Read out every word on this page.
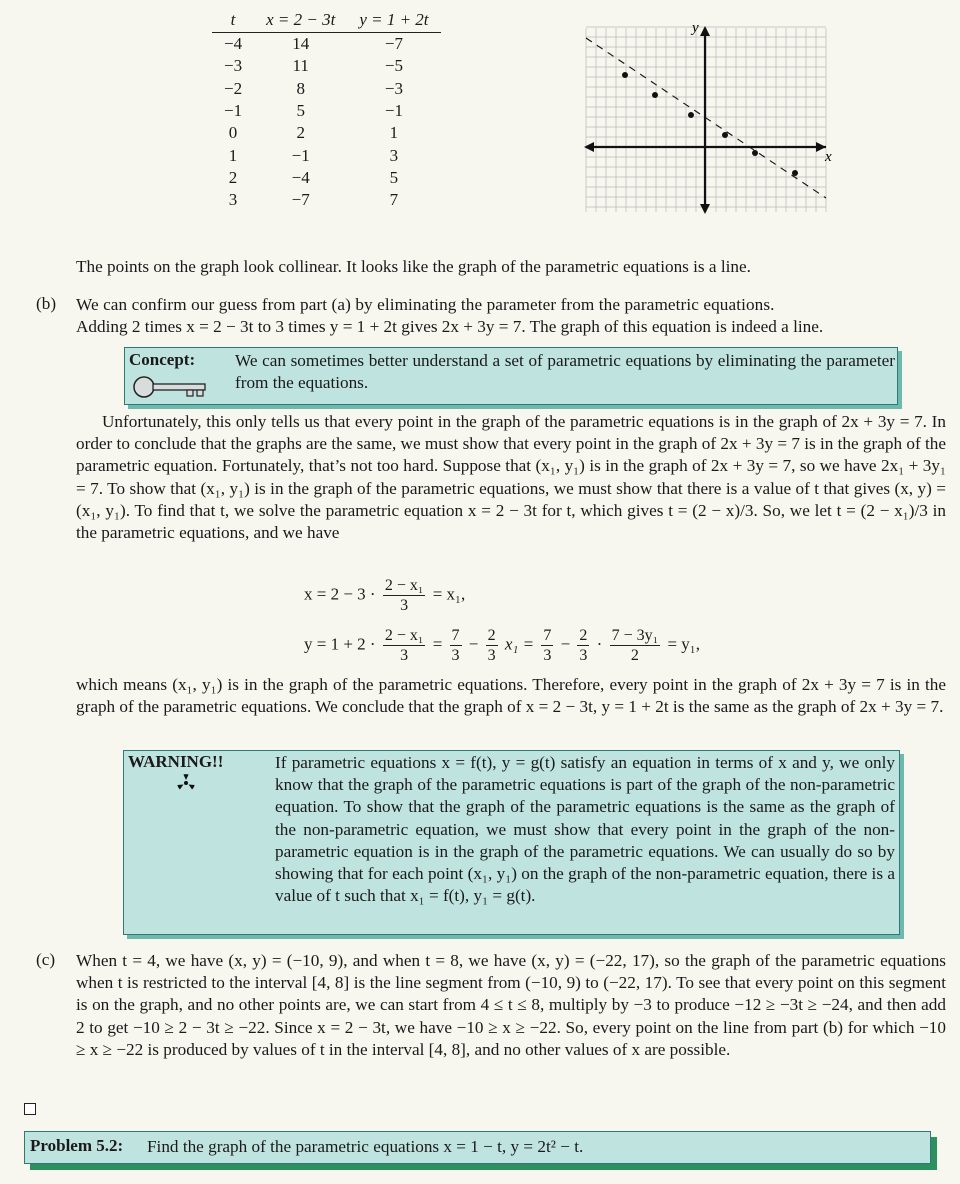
t	x = 2 − 3t	y = 1 + 2t
−4	14	−7
−3	11	−5
−2	8	−3
−1	5	−1
0	2	1
1	−1	3
2	−4	5
3	−7	7
x
y
The points on the graph look collinear. It looks like the graph of the parametric equations is a line.
(b) We can confirm our guess from part (a) by eliminating the parameter from the parametric equations.
Adding 2 times x = 2 − 3t to 3 times y = 1 + 2t gives 2x + 3y = 7. The graph of this equation is indeed a line.
Concept: We can sometimes better understand a set of parametric equations by eliminating the parameter from the equations.
Unfortunately, this only tells us that every point in the graph of the parametric equations is in the graph of 2x + 3y = 7. In order to conclude that the graphs are the same, we must show that every point in the graph of 2x + 3y = 7 is in the graph of the parametric equation. Fortunately, that’s not too hard. Suppose that (x₁, y₁) is in the graph of 2x + 3y = 7, so we have 2x₁ + 3y₁ = 7. To show that (x₁, y₁) is in the graph of the parametric equations, we must show that there is a value of t that gives (x, y) = (x₁, y₁). To find that t, we solve the parametric equation x = 2 − 3t for t, which gives t = (2 − x)/3. So, we let t = (2 − x₁)/3 in the parametric equations, and we have
$x = 2 - 3 \cdot \frac{\text{2 − x₁}}{3} = x_1$,
$y = 1 + 2 \cdot \frac{\text{2 − x₁}}{3} = \frac{7}{3} - \frac{2}{3} x_1 = \frac{7}{3} - \frac{2}{3} \cdot \frac{\text{7 − 3y₁}}{2} = y_1$,
which means (x₁, y₁) is in the graph of the parametric equations. Therefore, every point in the graph of 2x + 3y = 7 is in the graph of the parametric equations. We conclude that the graph of x = 2 − 3t, y = 1 + 2t is the same as the graph of 2x + 3y = 7.
WARNING!!	If parametric equations x = f(t), y = g(t) satisfy an equation in terms of x and y, we only know that the graph of the parametric equations is part of the graph of the non-parametric equation. To show that the graph of the parametric equations is the same as the graph of the non-parametric equation, we must show that every point in the graph of the non-parametric equation is in the graph of the parametric equations. We can usually do so by showing that for each point (x₁, y₁) on the graph of the non-parametric equation, there is a value of t such that x₁ = f(t), y₁ = g(t).
(c) When t = 4, we have (x, y) = (−10, 9), and when t = 8, we have (x, y) = (−22, 17), so the graph of the parametric equations when t is restricted to the interval [4, 8] is the line segment from (−10, 9) to (−22, 17). To see that every point on this segment is on the graph, and no other points are, we can start from 4 ≤ t ≤ 8, multiply by −3 to produce −12 ≥ −3t ≥ −24, and then add 2 to get −10 ≥ 2 − 3t ≥ −22. Since x = 2 − 3t, we have −10 ≥ x ≥ −22. So, every point on the line from part (b) for which −10 ≥ x ≥ −22 is produced by values of t in the interval [4, 8], and no other values of x are possible.
Problem 5.2: Find the graph of the parametric equations x = 1 − t, y = 2t² − t.
